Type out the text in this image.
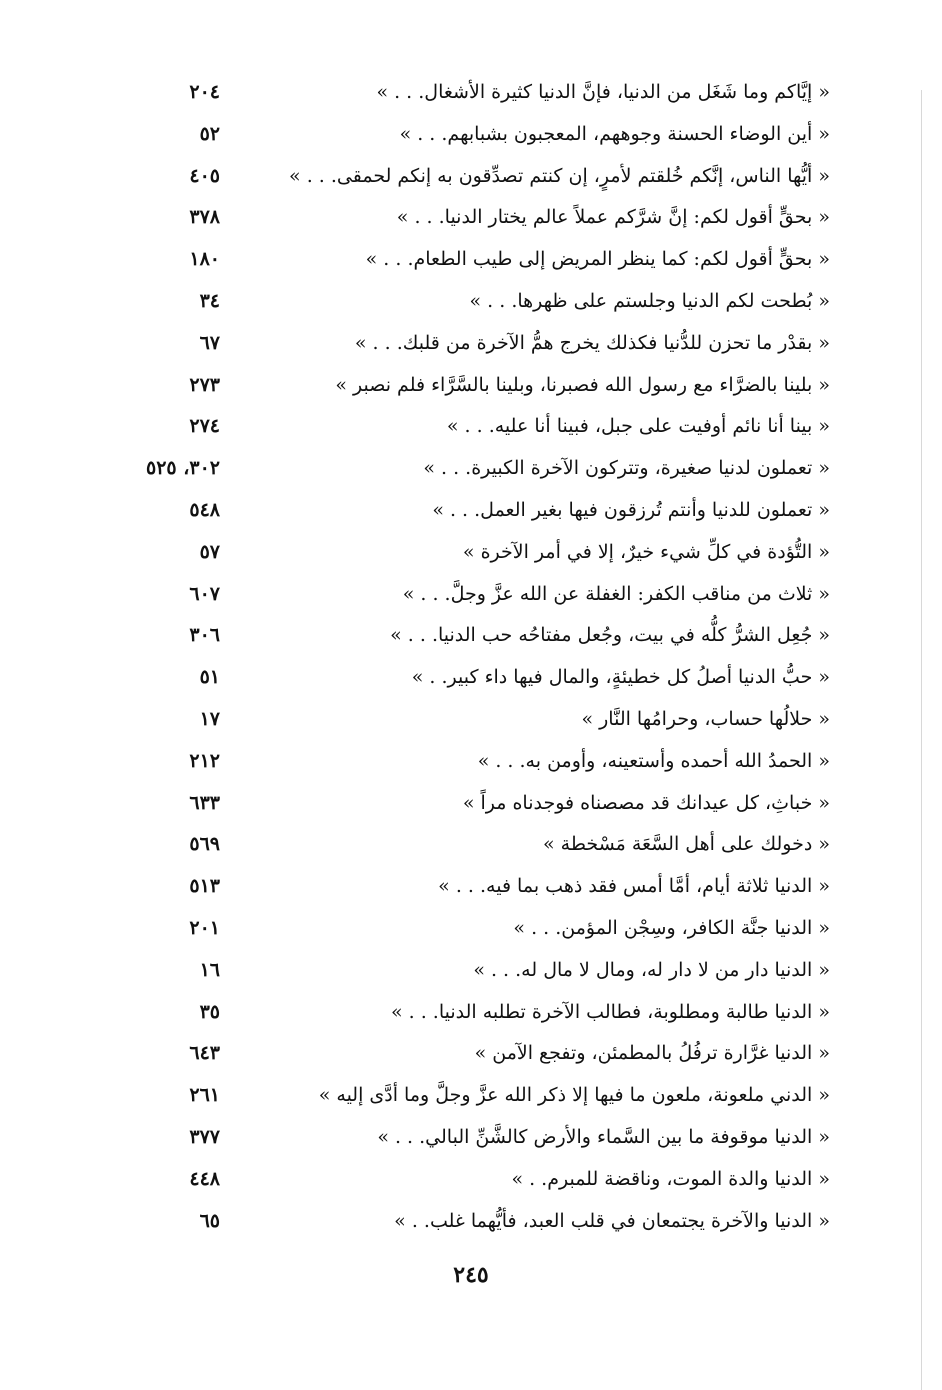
« إيَّاكم وما شَغَل من الدنيا، فإنَّ الدنيا كثيرة الأشغال. . . »
٢٠٤
« أين الوضاء الحسنة وجوههم، المعجبون بشبابهم. . . »
٥٢
« أيُّها الناس، إنَّكم خُلقتم لأمرٍ، إن كنتم تصدِّقون به إنكم لحمقى. . . »
٤٠٥
« بحقٍّ أقول لكم: إنَّ شرَّكم عملاً عالم يختار الدنيا. . . »
٣٧٨
« بحقٍّ أقول لكم: كما ينظر المريض إلى طيب الطعام. . . »
١٨٠
« بُطحت لكم الدنيا وجلستم على ظهرها. . . »
٣٤
« بقدْر ما تحزن للدُّنيا فكذلك يخرج همُّ الآخرة من قلبك. . . »
٦٧
« بلينا بالضرَّاء مع رسول الله فصبرنا، وبلينا بالسَّرَّاء فلم نصبر »
٢٧٣
« بينا أنا نائم أوفيت على جبل، فبينا أنا عليه. . . »
٢٧٤
« تعملون لدنيا صغيرة، وتتركون الآخرة الكبيرة. . . »
٣٠٢، ٥٢٥
« تعملون للدنيا وأنتم تُرزقون فيها بغير العمل. . . »
٥٤٨
« التُّؤدة في كلِّ شيء خيرٌ، إلا في أمر الآخرة »
٥٧
« ثلاث من مناقب الكفر: الغفلة عن الله عزَّ وجلَّ. . . »
٦٠٧
« جُعِل الشرُّ كلُّه في بيت، وجُعل مفتاحُه حب الدنيا. . . »
٣٠٦
« حبُّ الدنيا أصلُ كل خطيئةٍ، والمال فيها داء كبير. . »
٥١
« حلالُها حساب، وحرامُها النَّار »
١٧
« الحمدُ الله أحمده وأستعينه، وأومن به. . . »
٢١٢
« خباثِ، كل عيدانك قد مصصناه فوجدناه مراً »
٦٣٣
« دخولك على أهل السَّعَة مَسْخطة »
٥٦٩
« الدنيا ثلاثة أيام، أمَّا أمس فقد ذهب بما فيه. . . »
٥١٣
« الدنيا جنَّة الكافر، وسِجْن المؤمن. . . »
٢٠١
« الدنيا دار من لا دار له، ومال لا مال له. . . »
١٦
« الدنيا طالبة ومطلوبة، فطالب الآخرة تطلبه الدنيا. . . »
٣٥
« الدنيا غرَّارة ترفُلُ بالمطمئن، وتفجع الآمن »
٦٤٣
« الدني ملعونة، ملعون ما فيها إلا ذكر الله عزَّ وجلَّ وما أدَّى إليه »
٢٦١
« الدنيا موقوفة ما بين السَّماء والأرض كالشَّنِّ البالي. . . »
٣٧٧
« الدنيا والدة الموت، وناقضة للمبرم. . »
٤٤٨
« الدنيا والآخرة يجتمعان في قلب العبد، فأيُّهما غلب. . »
٦٥
٢٤٥
